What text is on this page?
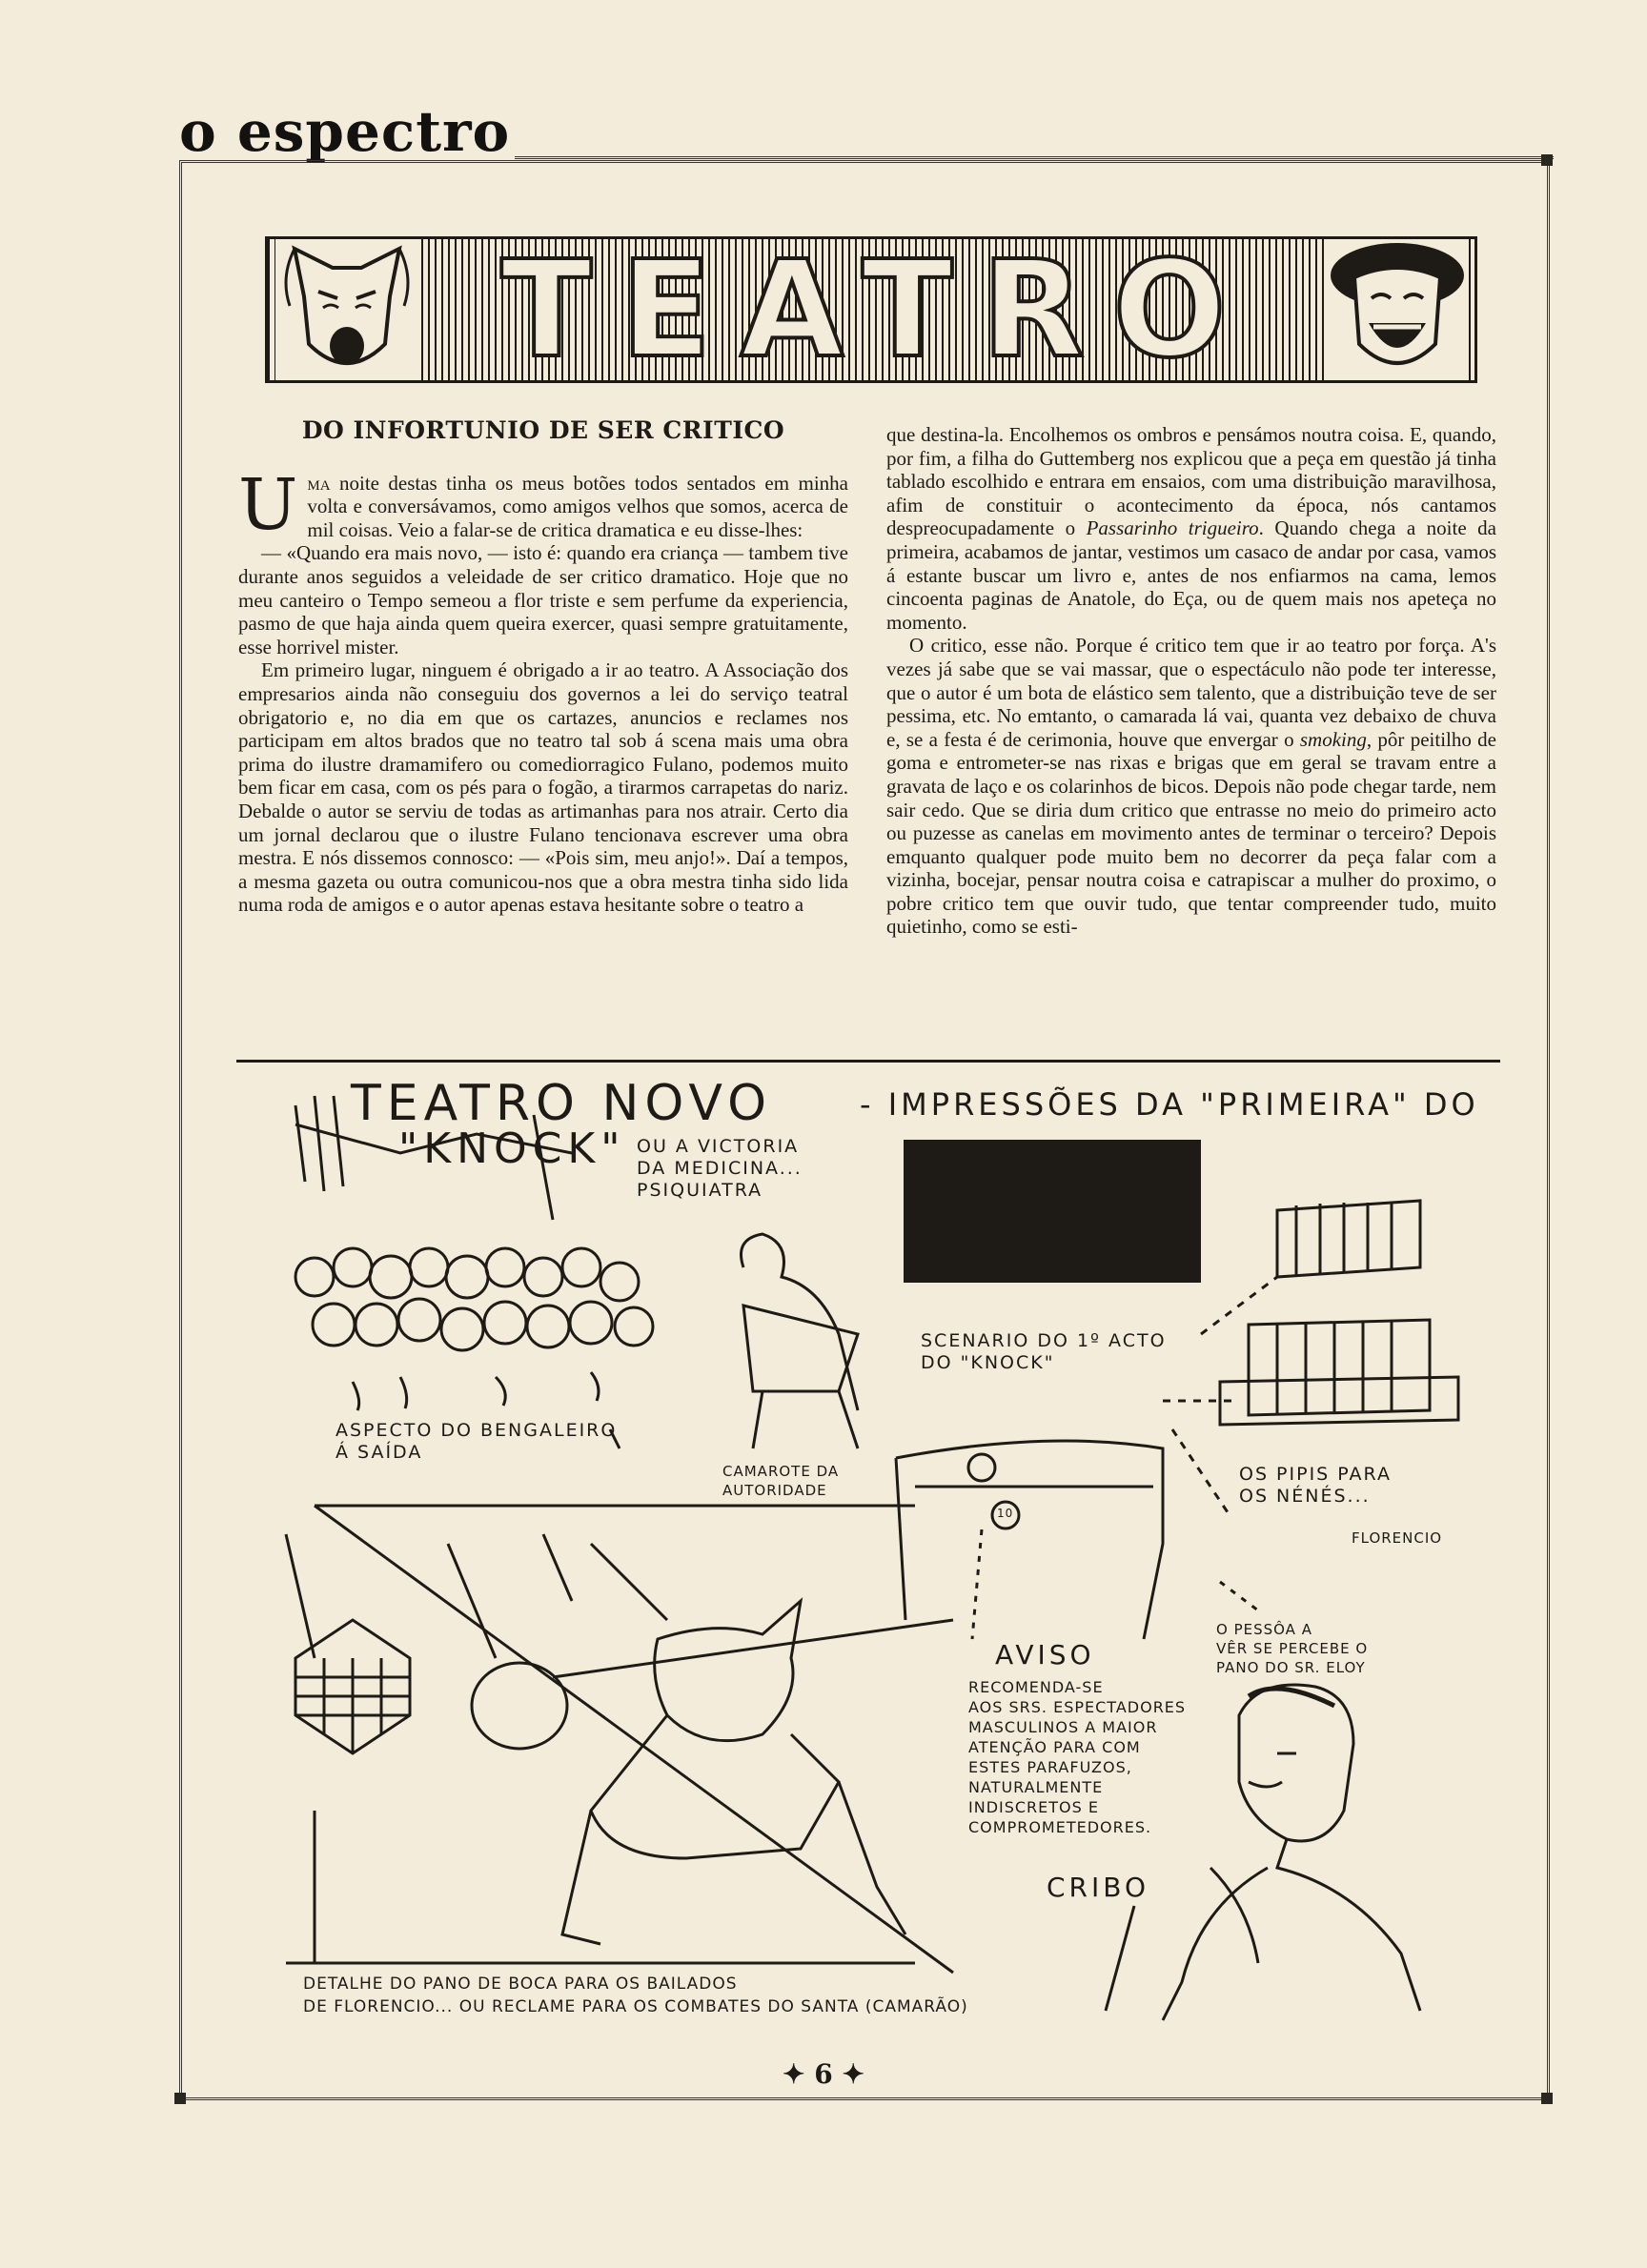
o espectro
TEATRO
DO INFORTUNIO DE SER CRITICO

Uma noite destas tinha os meus botões todos sentados em minha volta e conversávamos, como amigos velhos que somos, acerca de mil coisas. Veio a falar-se de critica dramatica e eu disse-lhes:

— «Quando era mais novo, — isto é: quando era criança — tambem tive durante anos seguidos a veleidade de ser critico dramatico. Hoje que no meu canteiro o Tempo semeou a flor triste e sem perfume da experiencia, pasmo de que haja ainda quem queira exercer, quasi sempre gratuitamente, esse horrivel mister.

Em primeiro lugar, ninguem é obrigado a ir ao teatro. A Associação dos empresarios ainda não conseguiu dos governos a lei do serviço teatral obrigatorio e, no dia em que os cartazes, anuncios e reclames nos participam em altos brados que no teatro tal sob á scena mais uma obra prima do ilustre dramamifero ou comediorragico Fulano, podemos muito bem ficar em casa, com os pés para o fogão, a tirarmos carrapetas do nariz. Debalde o autor se serviu de todas as artimanhas para nos atrair. Certo dia um jornal declarou que o ilustre Fulano tencionava escrever uma obra mestra. E nós dissemos connosco: — «Pois sim, meu anjo!». Daí a tempos, a mesma gazeta ou outra comunicou-nos que a obra mestra tinha sido lida numa roda de amigos e o autor apenas estava hesitante sobre o teatro a

que destina-la. Encolhemos os ombros e pensámos noutra coisa. E, quando, por fim, a filha do Guttemberg nos explicou que a peça em questão já tinha tablado escolhido e entrara em ensaios, com uma distribuição maravilhosa, afim de constituir o acontecimento da época, nós cantamos despreocupadamente o Passarinho trigueiro. Quando chega a noite da primeira, acabamos de jantar, vestimos um casaco de andar por casa, vamos á estante buscar um livro e, antes de nos enfiarmos na cama, lemos cincoenta paginas de Anatole, do Eça, ou de quem mais nos apeteça no momento.

O critico, esse não. Porque é critico tem que ir ao teatro por força. A's vezes já sabe que se vai massar, que o espectáculo não pode ter interesse, que o autor é um bota de elástico sem talento, que a distribuição teve de ser pessima, etc. No emtanto, o camarada lá vai, quanta vez debaixo de chuva e, se a festa é de cerimonia, houve que envergar o smoking, pôr peitilho de goma e entrometer-se nas rixas e brigas que em geral se travam entre a gravata de laço e os colarinhos de bicos. Depois não pode chegar tarde, nem sair cedo. Que se diria dum critico que entrasse no meio do primeiro acto ou puzesse as canelas em movimento antes de terminar o terceiro? Depois emquanto qualquer pode muito bem no decorrer da peça falar com a vizinha, bocejar, pensar noutra coisa e catrapiscar a mulher do proximo, o pobre critico tem que ouvir tudo, que tentar compreender tudo, muito quietinho, como se esti-

TEATRO NOVO	- IMPRESSÕES DA "PRIMEIRA" DO
"KNOCK" OU A VICTORIA
DA MEDICINA...
PSIQUIATRA
ASPECTO DO BENGALEIRO
Á SAÍDA
CAMAROTE DA
AUTORIDADE
SCENARIO DO 1º ACTO
DO "KNOCK"
OS PIPIS PARA
OS NÉNÉS...
FLORENCIO
AVISO
RECOMENDA-SE
AOS SRS. ESPECTADORES
MASCULINOS A MAIOR
ATENÇÃO PARA COM
ESTES PARAFUZOS,
NATURALMENTE
INDISCRETOS E
COMPROMETEDORES.
10
O PESSÔA A
VÊR SE PERCEBE O
PANO DO SR. ELOY
CRIBO
DETALHE DO PANO DE BOCA PARA OS BAILADOS
DE FLORENCIO... OU RECLAME PARA OS COMBATES DO SANTA (CAMARÃO)
✦ 6 ✦
